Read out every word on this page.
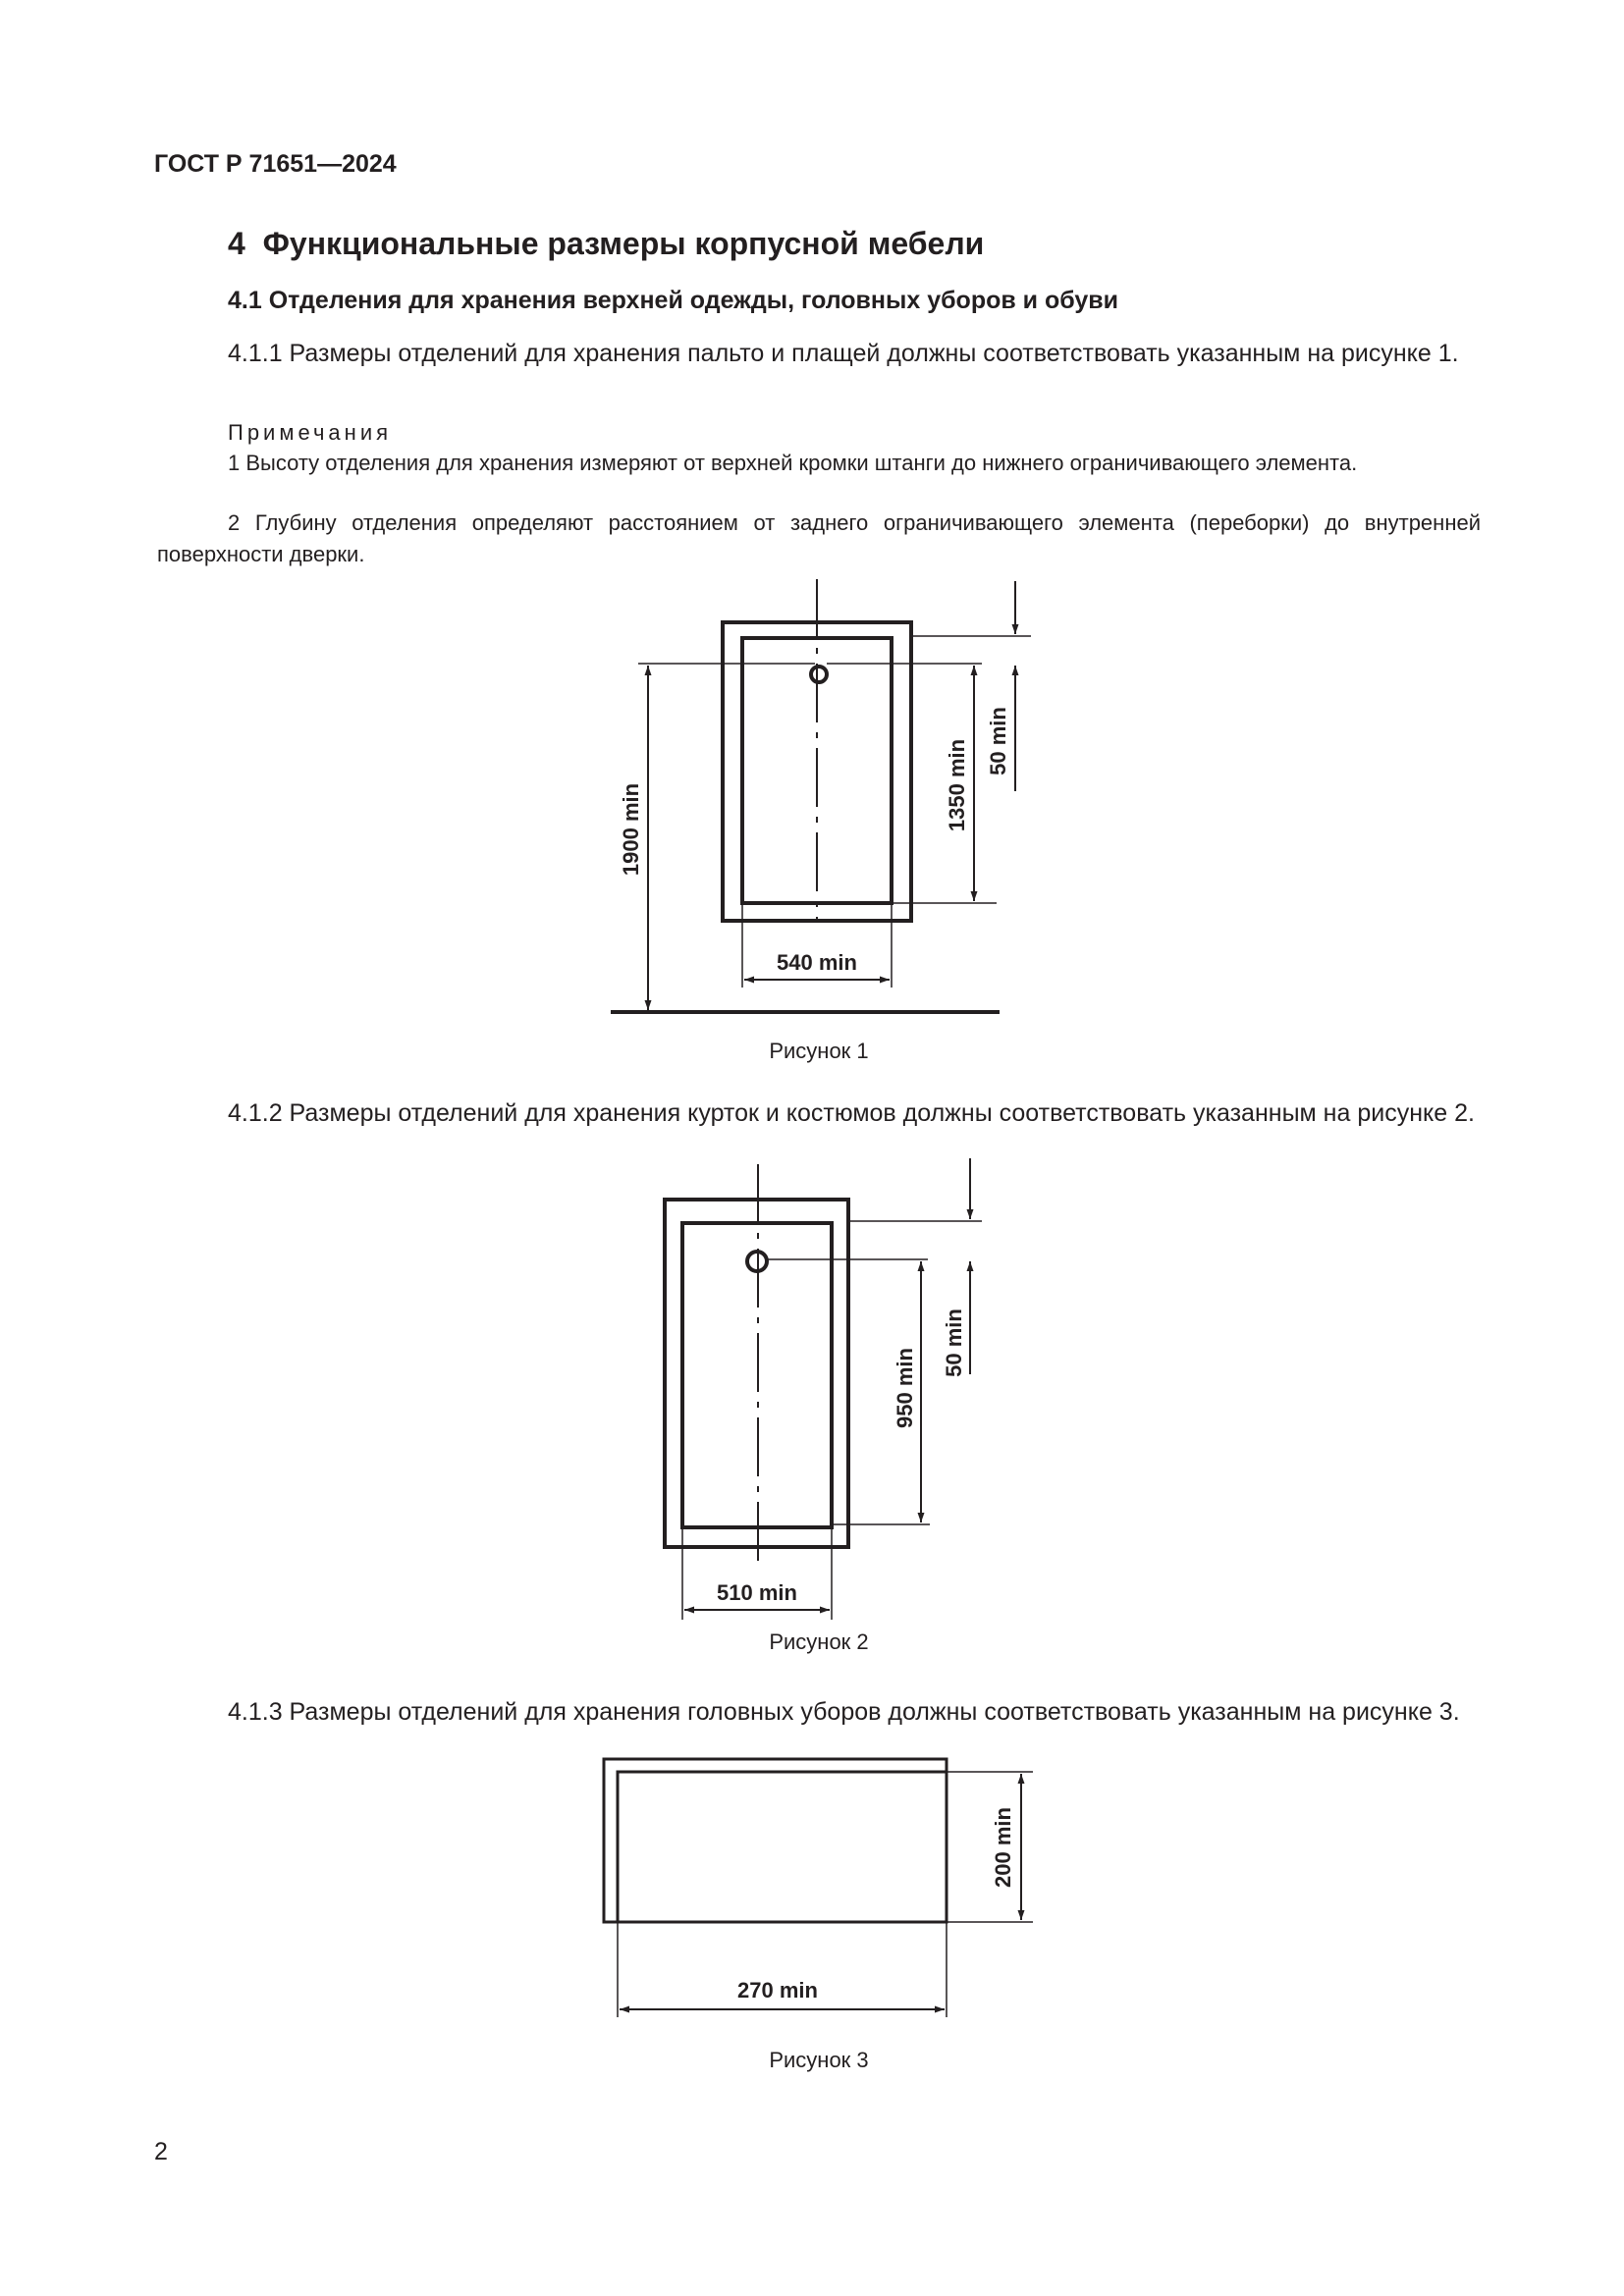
ГОСТ Р 71651—2024
4  Функциональные размеры корпусной мебели
4.1 Отделения для хранения верхней одежды, головных уборов и обуви

4.1.1 Размеры отделений для хранения пальто и плащей должны соответствовать указанным на рисунке 1.

Примечания

1 Высоту отделения для хранения измеряют от верхней кромки штанги до нижнего ограничивающего элемента.

2 Глубину отделения определяют расстоянием от заднего ограничивающего элемента (переборки) до внутренней поверхности дверки.

1900 min	1350 min 50 min
540 min
Рисунок 1

4.1.2 Размеры отделений для хранения курток и костюмов должны соответствовать указанным на рисунке 2.

950 min
50 min
510 min
Рисунок 2

4.1.3 Размеры отделений для хранения головных уборов должны соответствовать указанным на рисунке 3.

200 min
270 min
Рисунок 3
2
